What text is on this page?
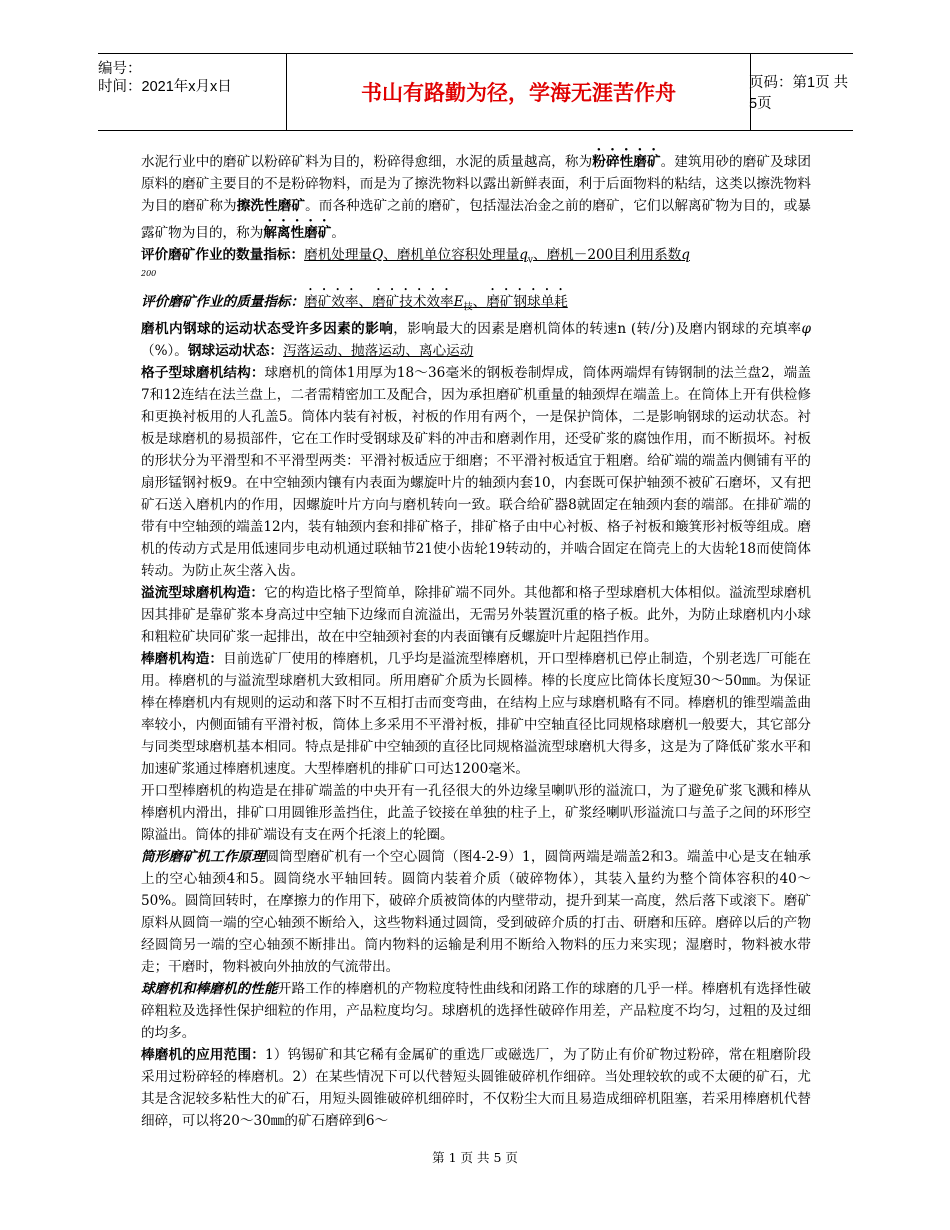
编号：
时间：2021年x月x日	书山有路勤为径，学海无涯苦作舟	页码：第1页 共5页

水泥行业中的磨矿以粉碎矿料为目的，粉碎得愈细，水泥的质量越高，称为粉碎性磨矿。建筑用砂的磨矿及球团原料的磨矿主要目的不是粉碎物料，而是为了擦洗物料以露出新鲜表面，利于后面物料的粘结，这类以擦洗物料为目的磨矿称为擦洗性磨矿。而各种选矿之前的磨矿，包括湿法冶金之前的磨矿，它们以解离矿物为目的，或暴露矿物为目的，称为解离性磨矿。

评价磨矿作业的数量指标：磨机处理量Q、磨机单位容积处理量$q_v$、磨机－200目利用系数q
200

评价磨矿作业的质量指标：磨矿效率、磨矿技术效率$E_技$、磨矿钢球单耗

磨机内钢球的运动状态受许多因素的影响，影响最大的因素是磨机筒体的转速n (转/分)及磨内钢球的充填率φ（%）。钢球运动状态：泻落运动、抛落运动、离心运动

格子型球磨机结构：球磨机的筒体1用厚为18～36毫米的钢板卷制焊成，筒体两端焊有铸钢制的法兰盘2，端盖7和12连结在法兰盘上，二者需精密加工及配合，因为承担磨矿机重量的轴颈焊在端盖上。在筒体上开有供检修和更换衬板用的人孔盖5。筒体内装有衬板，衬板的作用有两个，一是保护筒体，二是影响钢球的运动状态。衬板是球磨机的易损部件，它在工作时受钢球及矿料的冲击和磨剥作用，还受矿浆的腐蚀作用，而不断损坏。衬板的形状分为平滑型和不平滑型两类：平滑衬板适应于细磨；不平滑衬板适宜于粗磨。给矿端的端盖内侧铺有平的扇形锰钢衬板9。在中空轴颈内镶有内表面为螺旋叶片的轴颈内套10，内套既可保护轴颈不被矿石磨坏，又有把矿石送入磨机内的作用，因螺旋叶片方向与磨机转向一致。联合给矿器8就固定在轴颈内套的端部。在排矿端的带有中空轴颈的端盖12内，装有轴颈内套和排矿格子，排矿格子由中心衬板、格子衬板和簸箕形衬板等组成。磨机的传动方式是用低速同步电动机通过联轴节21使小齿轮19转动的，并啮合固定在筒壳上的大齿轮18而使筒体转动。为防止灰尘落入齿。

溢流型球磨机构造：它的构造比格子型简单，除排矿端不同外。其他都和格子型球磨机大体相似。溢流型球磨机因其排矿是靠矿浆本身高过中空轴下边缘而自流溢出，无需另外装置沉重的格子板。此外，为防止球磨机内小球和粗粒矿块同矿浆一起排出，故在中空轴颈衬套的内表面镶有反螺旋叶片起阻挡作用。

棒磨机构造：目前选矿厂使用的棒磨机，几乎均是溢流型棒磨机，开口型棒磨机已停止制造，个别老选厂可能在用。棒磨机的与溢流型球磨机大致相同。所用磨矿介质为长圆棒。棒的长度应比筒体长度短30～50㎜。为保证棒在棒磨机内有规则的运动和落下时不互相打击而变弯曲，在结构上应与球磨机略有不同。棒磨机的锥型端盖曲率较小，内侧面铺有平滑衬板，筒体上多采用不平滑衬板，排矿中空轴直径比同规格球磨机一般要大，其它部分与同类型球磨机基本相同。特点是排矿中空轴颈的直径比同规格溢流型球磨机大得多，这是为了降低矿浆水平和加速矿浆通过棒磨机速度。大型棒磨机的排矿口可达1200毫米。

开口型棒磨机的构造是在排矿端盖的中央开有一孔径很大的外边缘呈喇叭形的溢流口，为了避免矿浆飞溅和棒从棒磨机内滑出，排矿口用圆锥形盖挡住，此盖子铰接在单独的柱子上，矿浆经喇叭形溢流口与盖子之间的环形空隙溢出。筒体的排矿端设有支在两个托滚上的轮圈。

筒形磨矿机工作原理圆筒型磨矿机有一个空心圆筒（图4-2-9）1，圆筒两端是端盖2和3。端盖中心是支在轴承上的空心轴颈4和5。圆筒绕水平轴回转。圆筒内装着介质（破碎物体），其装入量约为整个筒体容积的40～50%。圆筒回转时，在摩擦力的作用下，破碎介质被筒体的内壁带动，提升到某一高度，然后落下或滚下。磨矿原料从圆筒一端的空心轴颈不断给入，这些物料通过圆筒，受到破碎介质的打击、研磨和压碎。磨碎以后的产物经圆筒另一端的空心轴颈不断排出。筒内物料的运输是利用不断给入物料的压力来实现；湿磨时，物料被水带走；干磨时，物料被向外抽放的气流带出。

球磨机和棒磨机的性能开路工作的棒磨机的产物粒度特性曲线和闭路工作的球磨的几乎一样。棒磨机有选择性破碎粗粒及选择性保护细粒的作用，产品粒度均匀。球磨机的选择性破碎作用差，产品粒度不均匀，过粗的及过细的均多。

棒磨机的应用范围：1）钨锡矿和其它稀有金属矿的重选厂或磁选厂，为了防止有价矿物过粉碎，常在粗磨阶段采用过粉碎轻的棒磨机。2）在某些情况下可以代替短头圆锥破碎机作细碎。当处理较软的或不太硬的矿石，尤其是含泥较多粘性大的矿石，用短头圆锥破碎机细碎时，不仅粉尘大而且易造成细碎机阻塞，若采用棒磨机代替细碎，可以将20～30㎜的矿石磨碎到6～

第 1 页 共 5 页
